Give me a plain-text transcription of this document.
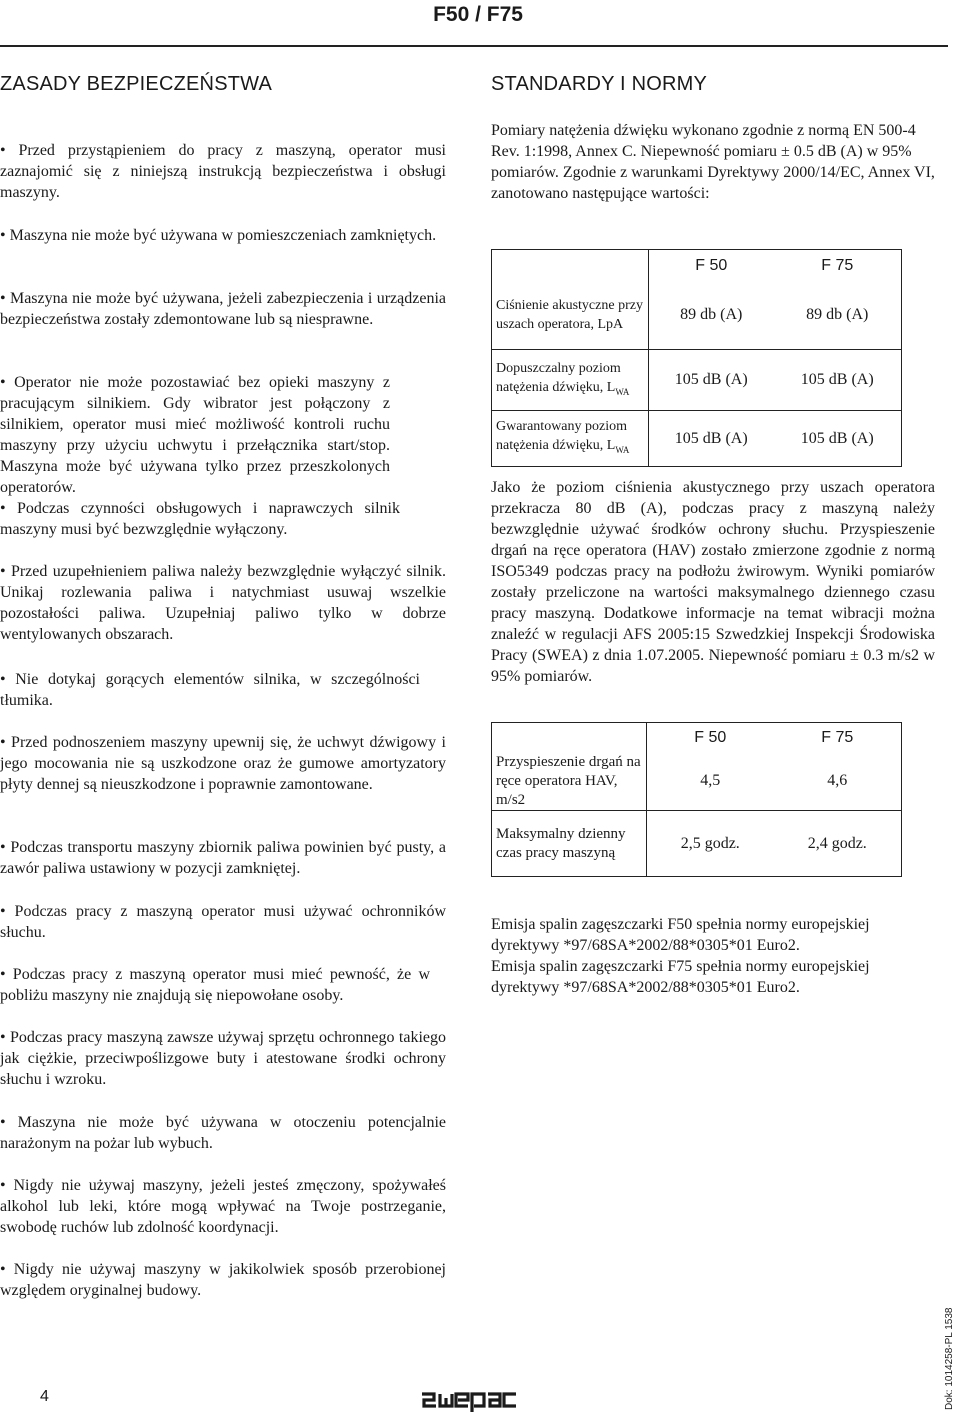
F50 / F75
ZASADY BEZPIECZEŃSTWA

• Przed przystąpieniem do pracy z maszyną, operator musi zaznajomić się z niniejszą instrukcją bezpieczeństwa i obsługi maszyny.

• Maszyna nie może być używana w pomieszczeniach zamkniętych.

• Maszyna nie może być używana, jeżeli zabezpieczenia i urządzenia bezpieczeństwa zostały zdemontowane lub są niesprawne.

• Operator nie może pozostawiać bez opieki maszyny z pracującym silnikiem. Gdy wibrator jest połączony z silnikiem, operator musi mieć możliwość kontroli ruchu maszyny przy użyciu uchwytu i przełącznika start/stop. Maszyna może być używana tylko przez przeszkolonych operatorów.

• Podczas czynności obsługowych i naprawczych silnik maszyny musi być bezwzględnie wyłączony.

• Przed uzupełnieniem paliwa należy bezwzględnie wyłączyć silnik. Unikaj rozlewania paliwa i natychmiast usuwaj wszelkie pozostałości paliwa. Uzupełniaj paliwo tylko w dobrze wentylowanych obszarach.

• Nie dotykaj gorących elementów silnika, w szczególności tłumika.

• Przed podnoszeniem maszyny upewnij się, że uchwyt dźwigowy i jego mocowania nie są uszkodzone oraz że gumowe amortyzatory płyty dennej są nieuszkodzone i poprawnie zamontowane.

• Podczas transportu maszyny zbiornik paliwa powinien być pusty, a zawór paliwa ustawiony w pozycji zamkniętej.

• Podczas pracy z maszyną operator musi używać ochronników słuchu.

• Podczas pracy z maszyną operator musi mieć pewność, że w pobliżu maszyny nie znajdują się niepowołane osoby.

• Podczas pracy maszyną zawsze używaj sprzętu ochronnego takiego jak ciężkie, przeciwpoślizgowe buty i atestowane środki ochrony słuchu i wzroku.

• Maszyna nie może być używana w otoczeniu potencjalnie narażonym na pożar lub wybuch.

• Nigdy nie używaj maszyny, jeżeli jesteś zmęczony, spożywałeś alkohol lub leki, które mogą wpływać na Twoje postrzeganie, swobodę ruchów lub zdolność koordynacji.

• Nigdy nie używaj maszyny w jakikolwiek sposób przerobionej względem oryginalnej budowy.

STANDARDY I NORMY

Pomiary natężenia dźwięku wykonano zgodnie z normą EN 500-4 Rev. 1:1998, Annex C. Niepewność pomiaru ± 0.5 dB (A) w 95% pomiarów. Zgodnie z warunkami Dyrektywy 2000/14/EC, Annex VI, zanotowano następujące wartości:

	F 50	F 75
Ciśnienie akustyczne przy uszach operatora, LpA	89 db (A)	89 db (A)
Dopuszczalny poziom natężenia dźwięku, $L_{WA}$	105 dB (A)	105 dB (A)
Gwarantowany poziom natężenia dźwięku, $L_{WA}$	105 dB (A)	105 dB (A)

Jako że poziom ciśnienia akustycznego przy uszach operatora przekracza 80 dB (A), podczas pracy z maszyną należy bezwzględnie używać środków ochrony słuchu. Przyspieszenie drgań na ręce operatora (HAV) zostało zmierzone zgodnie z normą ISO5349 podczas pracy na podłożu żwirowym. Wyniki pomiarów zostały przeliczone na wartości maksymalnego dziennego czasu pracy maszyną. Dodatkowe informacje na temat wibracji można znaleźć w regulacji AFS 2005:15 Szwedzkiej Inspekcji Środowiska Pracy (SWEA) z dnia 1.07.2005. Niepewność pomiaru ± 0.3 m/s2 w 95% pomiarów.

	F 50	F 75
Przyspieszenie drgań na ręce operatora HAV, m/s2	4,5	4,6
Maksymalny dzienny czas pracy maszyną	2,5 godz.	2,4 godz.
Emisja spalin zagęszczarki F50 spełnia normy europejskiej dyrektywy *97/68SA*2002/88*0305*01 Euro2.
Emisja spalin zagęszczarki F75 spełnia normy europejskiej dyrektywy *97/68SA*2002/88*0305*01 Euro2.
4	Dok: 1014258-PL 1538
